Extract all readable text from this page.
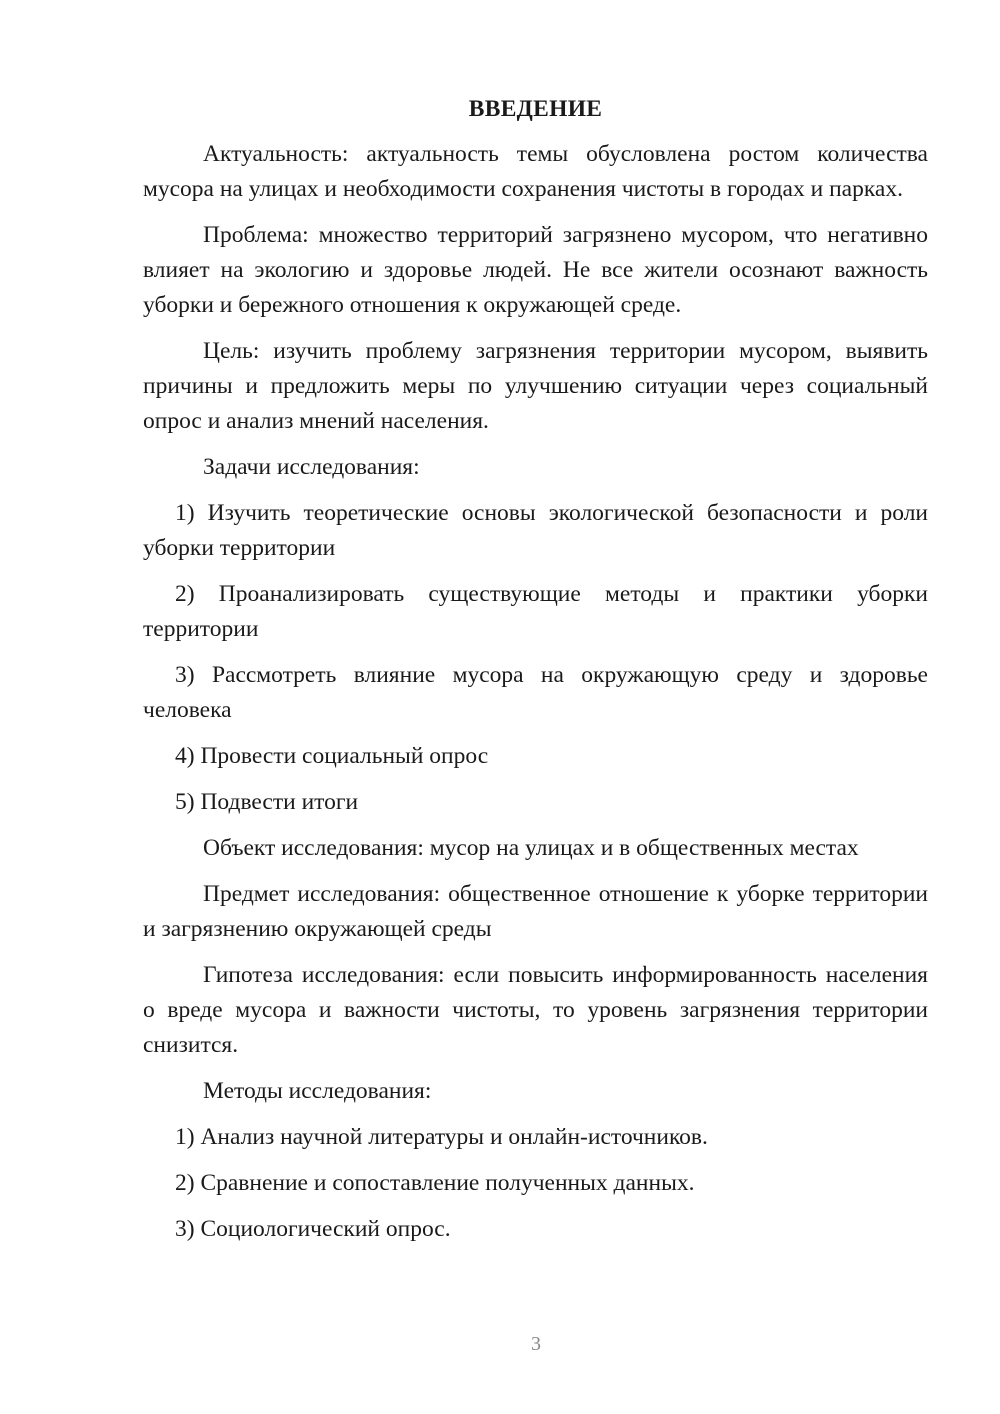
ВВЕДЕНИЕ

Актуальность: актуальность темы обусловлена ростом количества мусора на улицах и необходимости сохранения чистоты в городах и парках.

Проблема: множество территорий загрязнено мусором, что негативно влияет на экологию и здоровье людей. Не все жители осознают важность уборки и бережного отношения к окружающей среде.

Цель: изучить проблему загрязнения территории мусором, выявить причины и предложить меры по улучшению ситуации через социальный опрос и анализ мнений населения.

Задачи исследования:

1) Изучить теоретические основы экологической безопасности и роли уборки территории

2) Проанализировать существующие методы и практики уборки территории

3) Рассмотреть влияние мусора на окружающую среду и здоровье человека

4) Провести социальный опрос

5) Подвести итоги

Объект исследования: мусор на улицах и в общественных местах

Предмет исследования: общественное отношение к уборке территории и загрязнению окружающей среды

Гипотеза исследования: если повысить информированность населения о вреде мусора и важности чистоты, то уровень загрязнения территории снизится.

Методы исследования:

1) Анализ научной литературы и онлайн-источников.

2) Сравнение и сопоставление полученных данных.

3) Социологический опрос.

3
